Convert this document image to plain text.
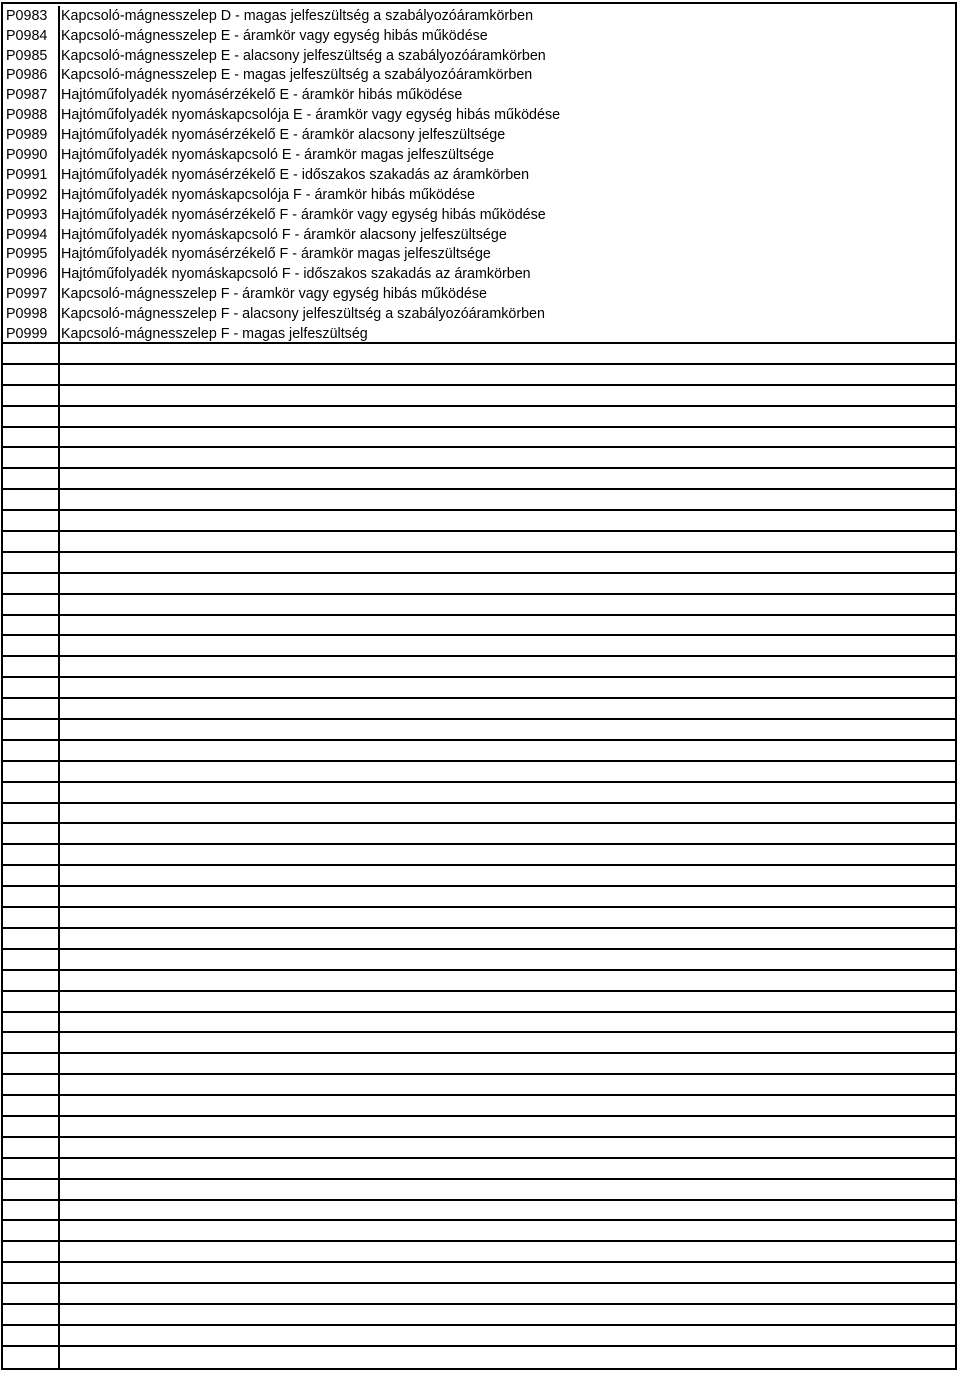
P0983 Kapcsoló-mágnesszelep D - magas jelfeszültség a szabályozóáramkörben
P0984 Kapcsoló-mágnesszelep E - áramkör vagy egység hibás működése
P0985 Kapcsoló-mágnesszelep E - alacsony jelfeszültség a szabályozóáramkörben
P0986 Kapcsoló-mágnesszelep E - magas jelfeszültség a szabályozóáramkörben
P0987 Hajtóműfolyadék nyomásérzékelő E - áramkör hibás működése
P0988 Hajtóműfolyadék nyomáskapcsolója E - áramkör vagy egység hibás működése
P0989 Hajtóműfolyadék nyomásérzékelő E - áramkör alacsony jelfeszültsége
P0990 Hajtóműfolyadék nyomáskapcsoló E - áramkör magas jelfeszültsége
P0991 Hajtóműfolyadék nyomásérzékelő E - időszakos szakadás az áramkörben
P0992 Hajtóműfolyadék nyomáskapcsolója F - áramkör hibás működése
P0993 Hajtóműfolyadék nyomásérzékelő F - áramkör vagy egység hibás működése
P0994 Hajtóműfolyadék nyomáskapcsoló F - áramkör alacsony jelfeszültsége
P0995 Hajtóműfolyadék nyomásérzékelő F - áramkör magas jelfeszültsége
P0996 Hajtóműfolyadék nyomáskapcsoló F - időszakos szakadás az áramkörben
P0997 Kapcsoló-mágnesszelep F - áramkör vagy egység hibás működése
P0998 Kapcsoló-mágnesszelep F - alacsony jelfeszültség a szabályozóáramkörben
P0999 Kapcsoló-mágnesszelep F - magas jelfeszültség
